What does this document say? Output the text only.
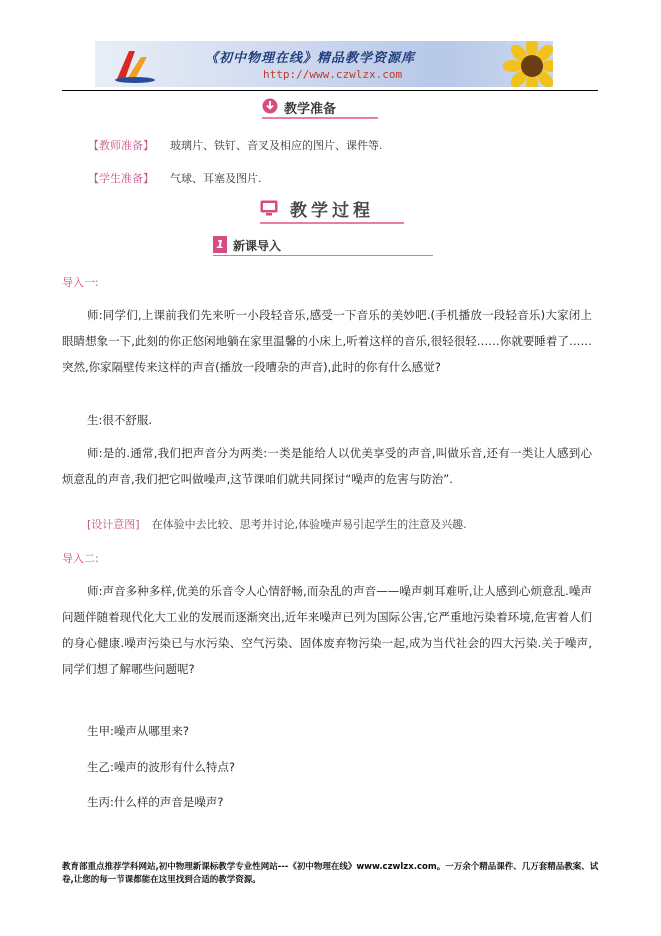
《初中物理在线》精品教学资源库
http://www.czwlzx.com
教学准备
【教师准备】 玻璃片、铁钉、音叉及相应的图片、课件等.
【学生准备】 气球、耳塞及图片.
教学过程
1 新课导入
导入一:
师:同学们,上课前我们先来听一小段轻音乐,感受一下音乐的美妙吧.(手机播放一段轻音乐)大家闭上眼睛想象一下,此刻的你正悠闲地躺在家里温馨的小床上,听着这样的音乐,很轻很轻……你就要睡着了……突然,你家隔壁传来这样的声音(播放一段嘈杂的声音),此时的你有什么感觉?
生:很不舒服.
师:是的.通常,我们把声音分为两类:一类是能给人以优美享受的声音,叫做乐音,还有一类让人感到心烦意乱的声音,我们把它叫做噪声,这节课咱们就共同探讨“噪声的危害与防治”.
[设计意图] 在体验中去比较、思考并讨论,体验噪声易引起学生的注意及兴趣.
导入二:
师:声音多种多样,优美的乐音令人心情舒畅,而杂乱的声音——噪声刺耳难听,让人感到心烦意乱.噪声问题伴随着现代化大工业的发展而逐渐突出,近年来噪声已列为国际公害,它严重地污染着环境,危害着人们的身心健康.噪声污染已与水污染、空气污染、固体废弃物污染一起,成为当代社会的四大污染.关于噪声,同学们想了解哪些问题呢?
生甲:噪声从哪里来?
生乙:噪声的波形有什么特点?
生丙:什么样的声音是噪声?
教育部重点推荐学科网站,初中物理新课标教学专业性网站---《初中物理在线》www.czwlzx.com。一万余个精品课件、几万套精品教案、试卷,让您的每一节课都能在这里找到合适的教学资源。
